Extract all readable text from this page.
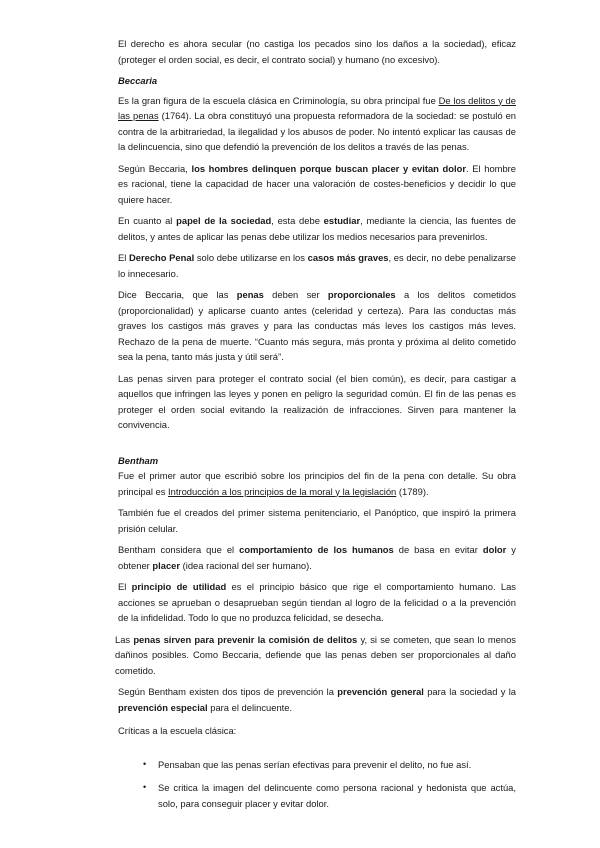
El derecho es ahora secular (no castiga los pecados sino los daños a la sociedad), eficaz (proteger el orden social, es decir, el contrato social) y humano (no excesivo).

Beccaria

Es la gran figura de la escuela clásica en Criminología, su obra principal fue De los delitos y de las penas (1764). La obra constituyó una propuesta reformadora de la sociedad: se postuló en contra de la arbitrariedad, la ilegalidad y los abusos de poder. No intentó explicar las causas de la delincuencia, sino que defendió la prevención de los delitos a través de las penas.

Según Beccaria, los hombres delinquen porque buscan placer y evitan dolor. El hombre es racional, tiene la capacidad de hacer una valoración de costes-beneficios y decidir lo que quiere hacer.

En cuanto al papel de la sociedad, esta debe estudiar, mediante la ciencia, las fuentes de delitos, y antes de aplicar las penas debe utilizar los medios necesarios para prevenirlos.

El Derecho Penal solo debe utilizarse en los casos más graves, es decir, no debe penalizarse lo innecesario.

Dice Beccaria, que las penas deben ser proporcionales a los delitos cometidos (proporcionalidad) y aplicarse cuanto antes (celeridad y certeza). Para las conductas más graves los castigos más graves y para las conductas más leves los castigos más leves. Rechazo de la pena de muerte. “Cuanto más segura, más pronta y próxima al delito cometido sea la pena, tanto más justa y útil será”.

Las penas sirven para proteger el contrato social (el bien común), es decir, para castigar a aquellos que infringen las leyes y ponen en peligro la seguridad común. El fin de las penas es proteger el orden social evitando la realización de infracciones. Sirven para mantener la convivencia.

Bentham

Fue el primer autor que escribió sobre los principios del fin de la pena con detalle. Su obra principal es Introducción a los principios de la moral y la legislación (1789).

También fue el creados del primer sistema penitenciario, el Panóptico, que inspiró la primera prisión celular.

Bentham considera que el comportamiento de los humanos de basa en evitar dolor y obtener placer (idea racional del ser humano).

El principio de utilidad es el principio básico que rige el comportamiento humano. Las acciones se aprueban o desaprueban según tiendan al logro de la felicidad o a la prevención de la infidelidad. Todo lo que no produzca felicidad, se desecha.

Las penas sirven para prevenir la comisión de delitos y, si se cometen, que sean lo menos dañinos posibles. Como Beccaria, defiende que las penas deben ser proporcionales al daño cometido.

Según Bentham existen dos tipos de prevención la prevención general para la sociedad y la prevención especial para el delincuente.

Críticas a la escuela clásica:
• Pensaban que las penas serían efectivas para prevenir el delito, no fue así.
• Se critica la imagen del delincuente como persona racional y hedonista que actúa, solo, para conseguir placer y evitar dolor.
